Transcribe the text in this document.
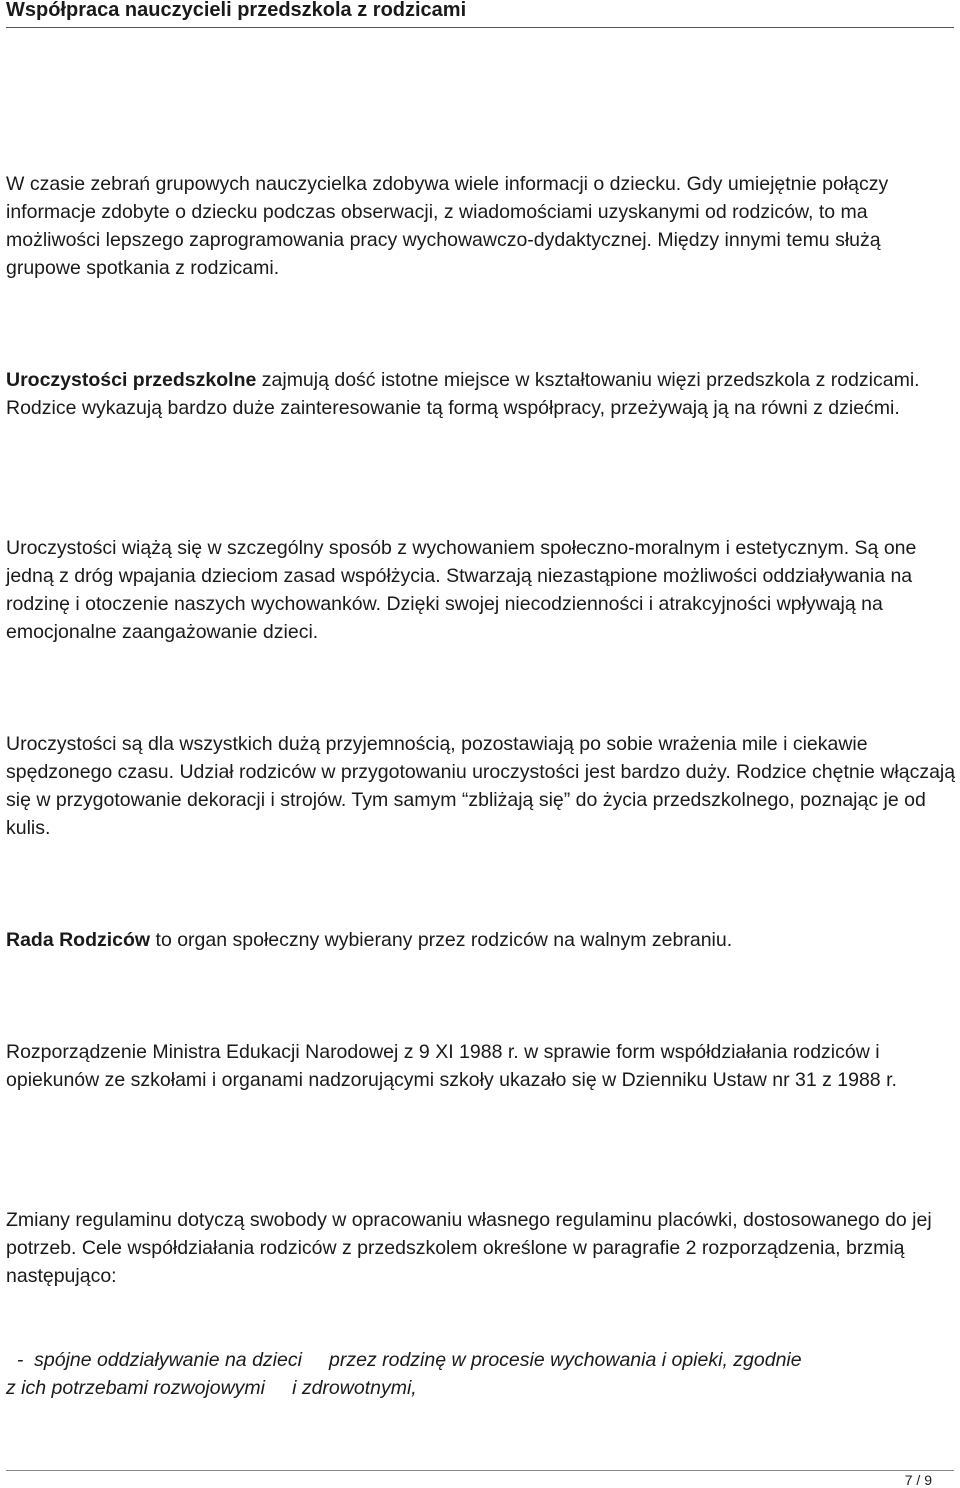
Współpraca nauczycieli przedszkola z rodzicami

W czasie zebrań grupowych nauczycielka zdobywa wiele informacji o dziecku. Gdy umiejętnie połączy informacje zdobyte o dziecku podczas obserwacji, z wiadomościami uzyskanymi od rodziców, to ma możliwości lepszego zaprogramowania pracy wychowawczo-dydaktycznej. Między innymi temu służą grupowe spotkania z rodzicami.

Uroczystości przedszkolne zajmują dość istotne miejsce w kształtowaniu więzi przedszkola z rodzicami. Rodzice wykazują bardzo duże zainteresowanie tą formą współpracy, przeżywają ją na równi z dziećmi.

Uroczystości wiążą się w szczególny sposób z wychowaniem społeczno-moralnym i estetycznym. Są one jedną z dróg wpajania dzieciom zasad współżycia. Stwarzają niezastąpione możliwości oddziaływania na rodzinę i otoczenie naszych wychowanków. Dzięki swojej niecodzienności i atrakcyjności wpływają na emocjonalne zaangażowanie dzieci.

Uroczystości są dla wszystkich dużą przyjemnością, pozostawiają po sobie wrażenia mile i ciekawie spędzonego czasu. Udział rodziców w przygotowaniu uroczystości jest bardzo duży. Rodzice chętnie włączają się w przygotowanie dekoracji i strojów. Tym samym “zbliżają się” do życia przedszkolnego, poznając je od kulis.

Rada Rodziców to organ społeczny wybierany przez rodziców na walnym zebraniu.

Rozporządzenie Ministra Edukacji Narodowej z 9 XI 1988 r. w sprawie form współdziałania rodziców i opiekunów ze szkołami i organami nadzorującymi szkoły ukazało się w Dzienniku Ustaw nr 31 z 1988 r.

Zmiany regulaminu dotyczą swobody w opracowaniu własnego regulaminu placówki, dostosowanego do jej potrzeb. Cele współdziałania rodziców z przedszkolem określone w paragrafie 2 rozporządzenia, brzmią następująco:

-  spójne oddziaływanie na dzieci     przez rodzinę w procesie wychowania i opieki, zgodnie
z ich potrzebami rozwojowymi     i zdrowotnymi,
7 / 9
